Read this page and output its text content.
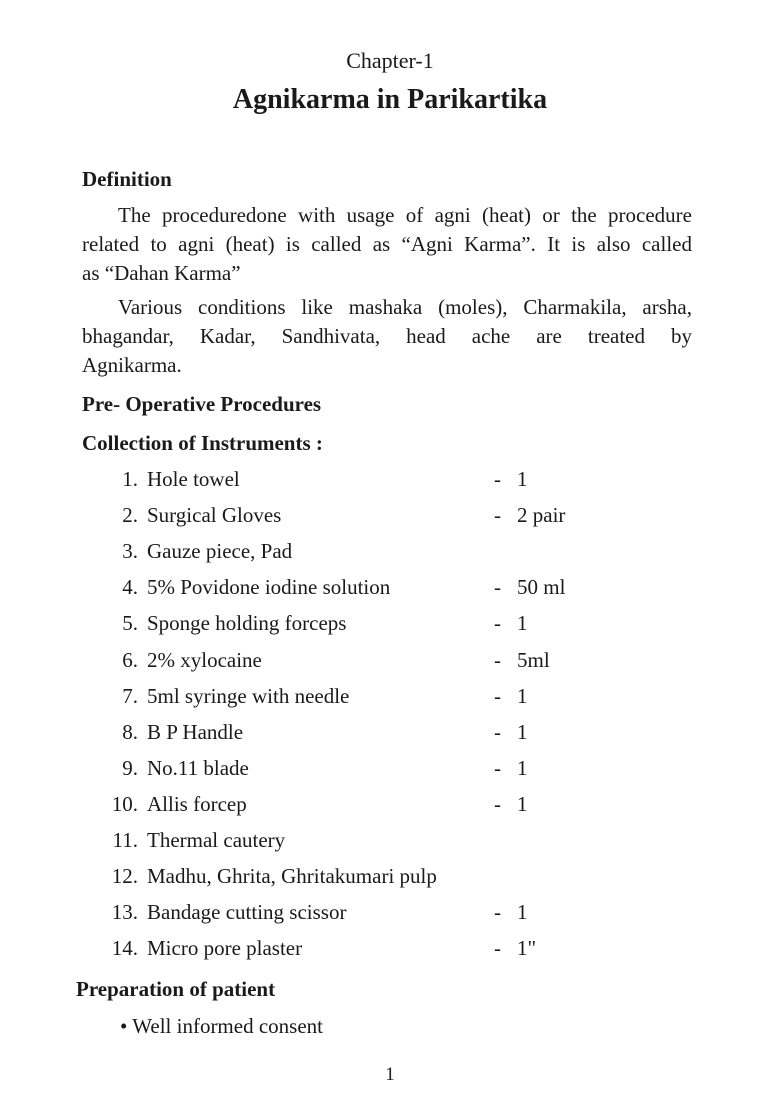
Chapter-1
Agnikarma in Parikartika
Definition
The proceduredone with usage of agni (heat) or the procedure
related to agni (heat) is called as “Agni Karma”. It is also called
as “Dahan Karma”
Various conditions like mashaka (moles), Charmakila, arsha,
bhagandar, Kadar, Sandhivata, head ache are treated by
Agnikarma.
Pre- Operative Procedures
Collection of Instruments :
1. Hole towel	- 1
2. Surgical Gloves	- 2 pair
3. Gauze piece, Pad
4. 5% Povidone iodine solution	- 50 ml
5. Sponge holding forceps	- 1
6. 2% xylocaine	- 5ml
7. 5ml syringe with needle	- 1
8. B P Handle	- 1
9. No.11 blade	- 1
10. Allis forcep	- 1
11. Thermal cautery
12. Madhu, Ghrita, Ghritakumari pulp
13. Bandage cutting scissor	- 1
14. Micro pore plaster	- 1"
Preparation of patient
• Well informed consent
1
